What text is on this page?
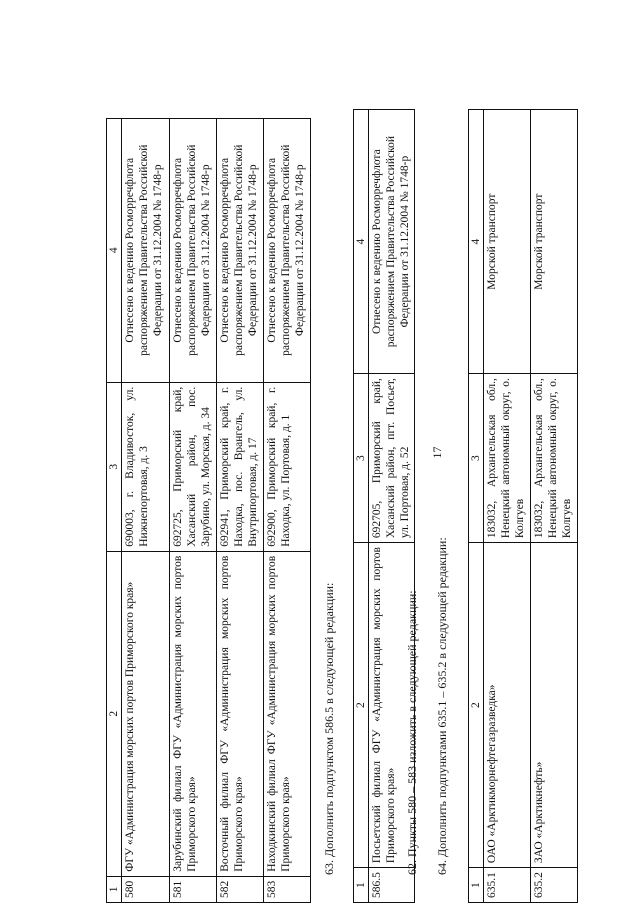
17
62. Пункты 580 – 583 изложить в следующей редакции:
1	2	3	4
580	ФГУ «Администрация морских портов Приморского края»	690003, г. Владивосток, ул. Нижнепортовая, д. 3	Отнесено к ведению Росморречфлота распоряжением Правительства Российской Федерации от 31.12.2004 № 1748-р
581	Зарубинский филиал ФГУ «Администрация морских портов Приморского края»	692725, Приморский край, Хасанский район, пос. Зарубино, ул. Морская, д. 34	Отнесено к ведению Росморречфлота распоряжением Правительства Российской Федерации от 31.12.2004 № 1748-р
582	Восточный филиал ФГУ «Администрация морских портов Приморского края»	692941, Приморский край, г. Находка, пос. Врангель, ул. Внутрипортовая, д. 17	Отнесено к ведению Росморречфлота распоряжением Правительства Российской Федерации от 31.12.2004 № 1748-р
583	Находкинский филиал ФГУ «Администрация морских портов Приморского края»	692900, Приморский край, г. Находка, ул. Портовая, д. 1	Отнесено к ведению Росморречфлота распоряжением Правительства Российской Федерации от 31.12.2004 № 1748-р
63. Дополнить подпунктом 586.5 в следующей редакции:
1	2	3	4
586.5	Посьетский филиал ФГУ «Администрация морских портов Приморского края»	692705, Приморский край, Хасанский район, пгт. Посьет, ул. Портовая, д. 52	Отнесено к ведению Росморречфлота распоряжением Правительства Российской Федерации от 31.12.2004 № 1748-р
64. Дополнить подпунктами 635.1 – 635.2 в следующей редакции:
1	2	3	4
635.1	ОАО «Арктикморнефтегазразведка»	183032, Архангельская обл., Ненецкий автономный округ, о. Колгуев	Морской транспорт
635.2	ЗАО «Арктикнефть»	183032, Архангельская обл., Ненецкий автономный округ, о. Колгуев	Морской транспорт
